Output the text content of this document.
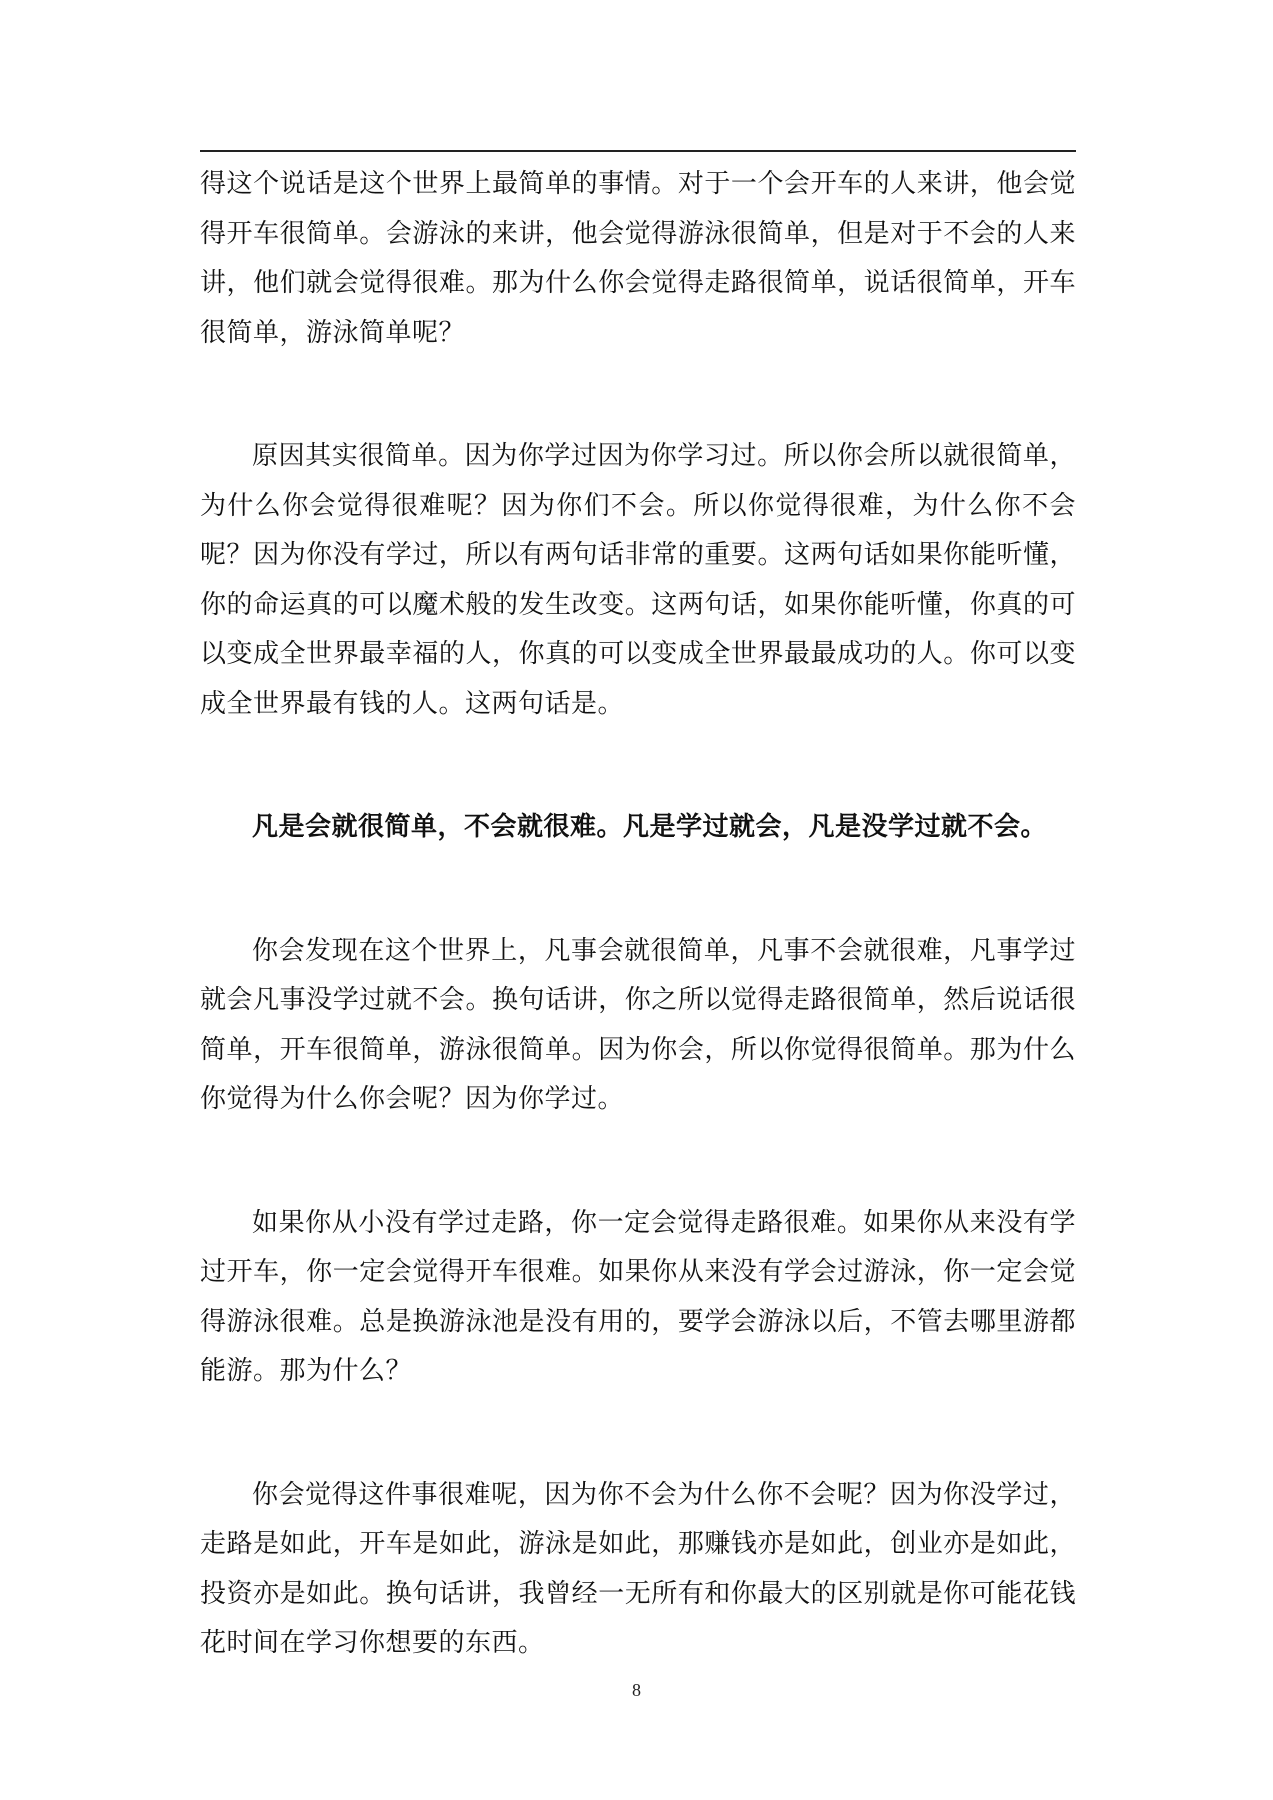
得这个说话是这个世界上最简单的事情。对于一个会开车的人来讲，他会觉得开车很简单。会游泳的来讲，他会觉得游泳很简单，但是对于不会的人来讲，他们就会觉得很难。那为什么你会觉得走路很简单，说话很简单，开车很简单，游泳简单呢？

原因其实很简单。因为你学过因为你学习过。所以你会所以就很简单，为什么你会觉得很难呢？因为你们不会。所以你觉得很难，为什么你不会呢？因为你没有学过，所以有两句话非常的重要。这两句话如果你能听懂，你的命运真的可以魔术般的发生改变。这两句话，如果你能听懂，你真的可以变成全世界最幸福的人，你真的可以变成全世界最最成功的人。你可以变成全世界最有钱的人。这两句话是。

凡是会就很简单，不会就很难。凡是学过就会，凡是没学过就不会。

你会发现在这个世界上，凡事会就很简单，凡事不会就很难，凡事学过就会凡事没学过就不会。换句话讲，你之所以觉得走路很简单，然后说话很简单，开车很简单，游泳很简单。因为你会，所以你觉得很简单。那为什么你觉得为什么你会呢？因为你学过。

如果你从小没有学过走路，你一定会觉得走路很难。如果你从来没有学过开车，你一定会觉得开车很难。如果你从来没有学会过游泳，你一定会觉得游泳很难。总是换游泳池是没有用的，要学会游泳以后，不管去哪里游都能游。那为什么？

你会觉得这件事很难呢，因为你不会为什么你不会呢？因为你没学过，走路是如此，开车是如此，游泳是如此，那赚钱亦是如此，创业亦是如此，投资亦是如此。换句话讲，我曾经一无所有和你最大的区别就是你可能花钱花时间在学习你想要的东西。

8
